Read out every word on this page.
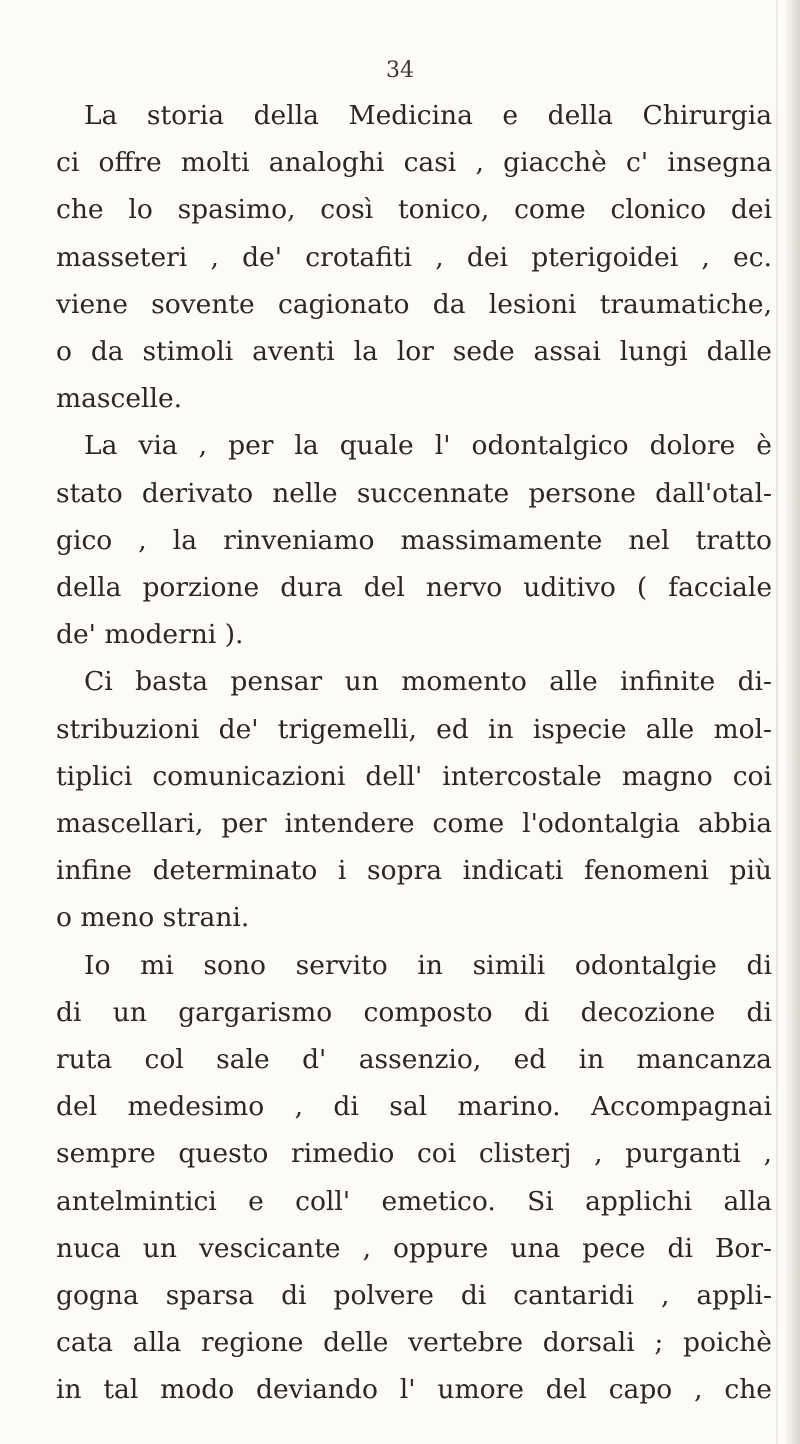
34

La storia della Medicina e della Chirurgia
ci offre molti analoghi casi , giacchè c' insegna
che lo spasimo, così tonico, come clonico dei
masseteri , de' crotafiti , dei pterigoidei , ec.
viene sovente cagionato da lesioni traumatiche,
o da stimoli aventi la lor sede assai lungi dalle
mascelle.
La via , per la quale l' odontalgico dolore è
stato derivato nelle succennate persone dall'otal-
gico , la rinveniamo massimamente nel tratto
della porzione dura del nervo uditivo ( facciale
de' moderni ).
Ci basta pensar un momento alle infinite di-
stribuzioni de' trigemelli, ed in ispecie alle mol-
tiplici comunicazioni dell' intercostale magno coi
mascellari, per intendere come l'odontalgia abbia
infine determinato i sopra indicati fenomeni più
o meno strani.
Io mi sono servito in simili odontalgie di
di un gargarismo composto di decozione di
ruta col sale d' assenzio, ed in mancanza
del medesimo , di sal marino. Accompagnai
sempre questo rimedio coi clisterj , purganti ,
antelmintici e coll' emetico. Si applichi alla
nuca un vescicante , oppure una pece di Bor-
gogna sparsa di polvere di cantaridi , appli-
cata alla regione delle vertebre dorsali ; poichè
in tal modo deviando l' umore del capo , che
